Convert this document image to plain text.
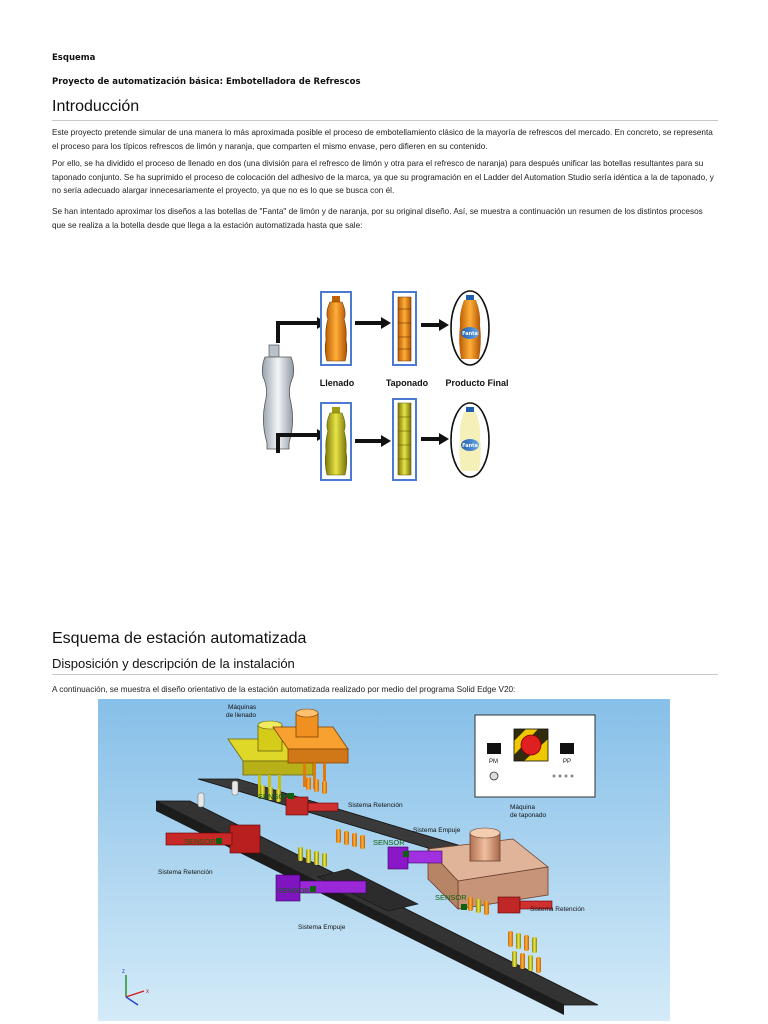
Esquema
Proyecto de automatización básica: Embotelladora de Refrescos
Introducción

Este proyecto pretende simular de una manera lo más aproximada posible el proceso de embotellamiento clásico de la mayoría de refrescos del mercado. En concreto, se representa el proceso para los típicos refrescos de limón y naranja, que comparten el mismo envase, pero difieren en su contenido.

Por ello, se ha dividido el proceso de llenado en dos (una división para el refresco de limón y otra para el refresco de naranja) para después unificar las botellas resultantes para su taponado conjunto. Se ha suprimido el proceso de colocación del adhesivo de la marca, ya que su programación en el Ladder del Automation Studio sería idéntica a la de taponado, y no sería adecuado alargar innecesariamente el proyecto, ya que no es lo que se busca con él.

Se han intentado aproximar los diseños a las botellas de "Fanta" de limón y de naranja, por su original diseño. Así, se muestra a continuación un resumen de los distintos procesos que se realiza a la botella desde que llega a la estación automatizada hasta que sale:

Fanta
Fanta
Llenado	Taponado Producto Final
Esquema de estación automatizada
Disposición y descripción de la instalación

A continuación, se muestra el diseño orientativo de la estación automatizada realizado por medio del programa Solid Edge V20:

PM	PP
Máquinas
de llenado
Máquina
de taponado
SENSOR
SENSOR	SENSOR
SENSOR
SENSOR
Sistema Retención
Sistema Retención
Sistema Retención
Sistema Empuje
Sistema Empuje
z
x
